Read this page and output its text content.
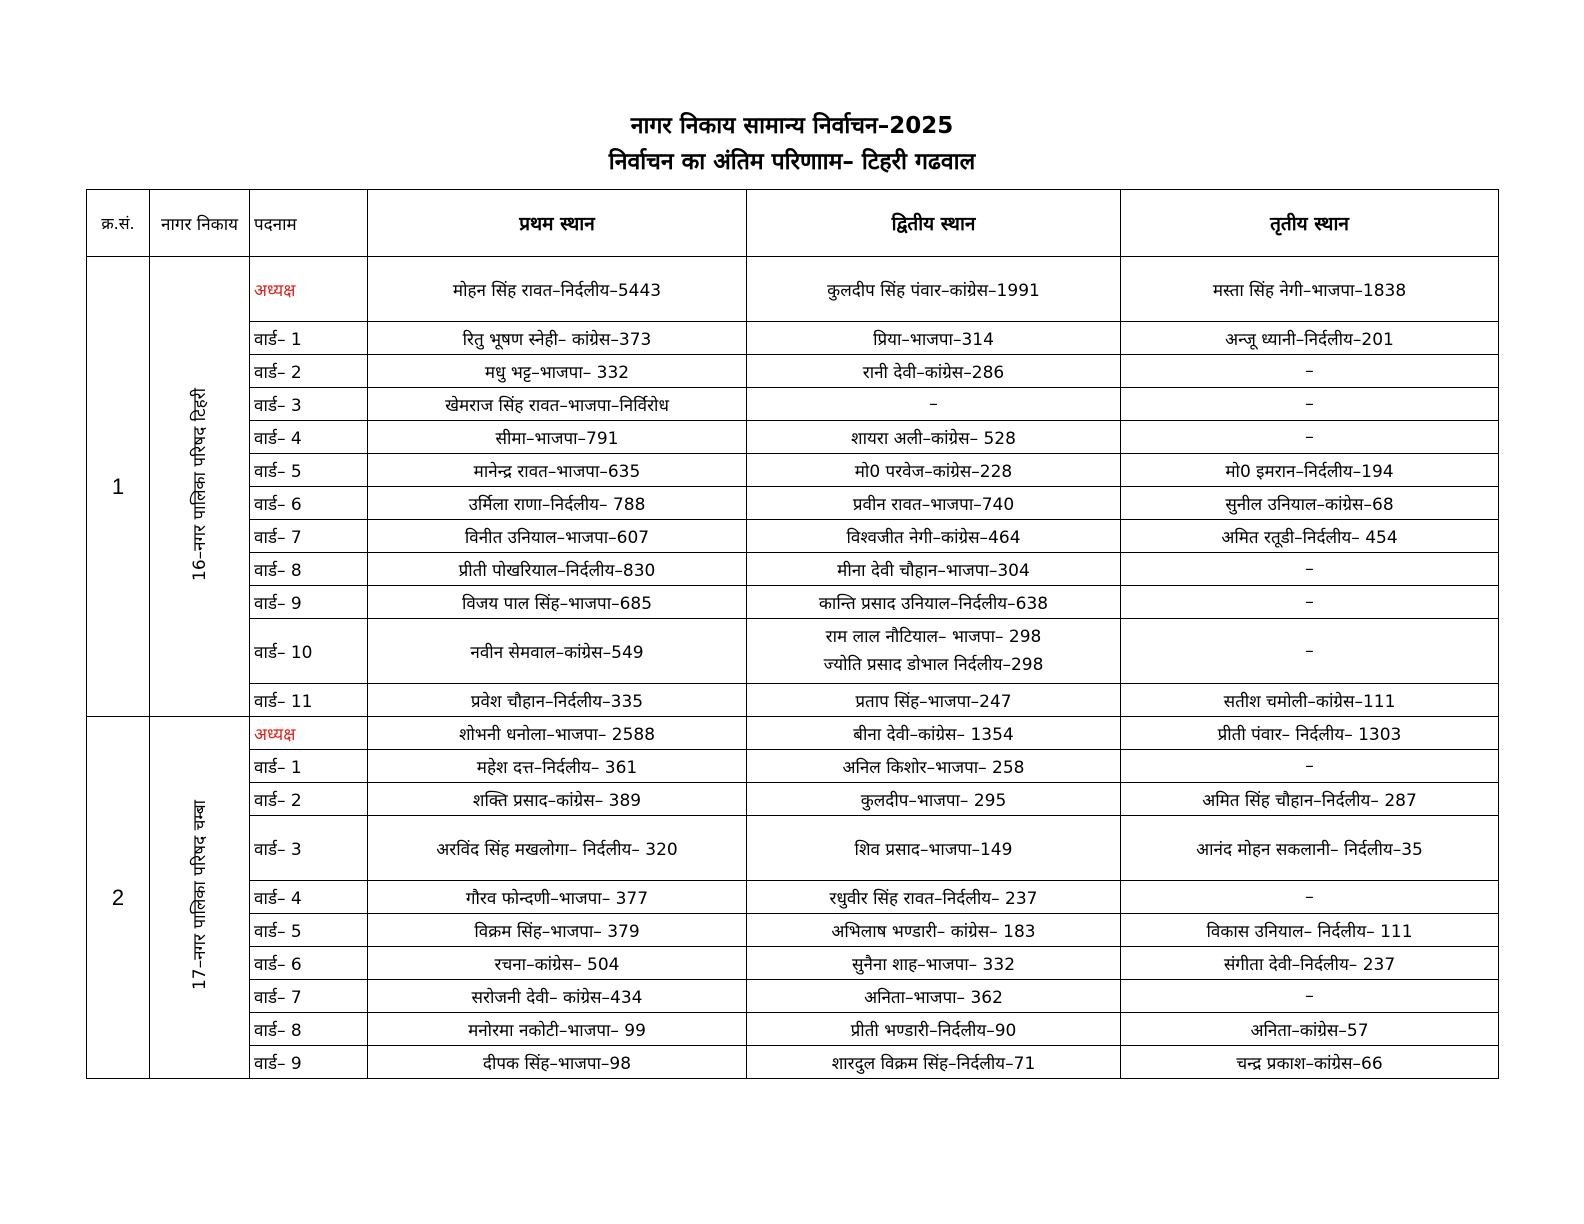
नागर निकाय सामान्य निर्वाचन–2025
निर्वाचन का अंतिम परिणााम– टिहरी गढवाल
क्र.सं.	नागर निकाय	पदनाम	प्रथम स्थान	द्वितीय स्थान	तृतीय स्थान
1	16–नगर पालिका परिषद टिहरी	अध्यक्ष	मोहन सिंह रावत–निर्दलीय–5443	कुलदीप सिंह पंवार–कांग्रेस–1991	मस्ता सिंह नेगी–भाजपा–1838
		वार्ड– 1	रितु भूषण स्नेही– कांग्रेस–373	प्रिया–भाजपा–314	अन्जू ध्यानी–निर्दलीय–201
		वार्ड– 2	मधु भट्ट–भाजपा– 332	रानी देवी–कांग्रेस–286	–
		वार्ड– 3	खेमराज सिंह रावत–भाजपा–निर्विरोध	–	–
		वार्ड– 4	सीमा–भाजपा–791	शायरा अली–कांग्रेस– 528	–
		वार्ड– 5	मानेन्द्र रावत–भाजपा–635	मो0 परवेज–कांग्रेस–228	मो0 इमरान–निर्दलीय–194
		वार्ड– 6	उर्मिला राणा–निर्दलीय– 788	प्रवीन रावत–भाजपा–740	सुनील उनियाल–कांग्रेस–68
		वार्ड– 7	विनीत उनियाल–भाजपा–607	विश्वजीत नेगी–कांग्रेस–464	अमित रतूडी–निर्दलीय– 454
		वार्ड– 8	प्रीती पोखरियाल–निर्दलीय–830	मीना देवी चौहान–भाजपा–304	–
		वार्ड– 9	विजय पाल सिंह–भाजपा–685	कान्ति प्रसाद उनियाल–निर्दलीय–638	–
		वार्ड– 10	नवीन सेमवाल–कांग्रेस–549	राम लाल नौटियाल– भाजपा– 298
ज्योति प्रसाद डोभाल निर्दलीय–298	–
		वार्ड– 11	प्रवेश चौहान–निर्दलीय–335	प्रताप सिंह–भाजपा–247	सतीश चमोली–कांग्रेस–111
2	17–नगर पालिका परिषद चम्बा	अध्यक्ष	शोभनी धनोला–भाजपा– 2588	बीना देवी–कांग्रेस– 1354	प्रीती पंवार– निर्दलीय– 1303
		वार्ड– 1	महेश दत्त–निर्दलीय– 361	अनिल किशोर–भाजपा– 258	–
		वार्ड– 2	शक्ति प्रसाद–कांग्रेस– 389	कुलदीप–भाजपा– 295	अमित सिंह चौहान–निर्दलीय– 287
		वार्ड– 3	अरविंद सिंह मखलोगा– निर्दलीय– 320	शिव प्रसाद–भाजपा–149	आनंद मोहन सकलानी– निर्दलीय–35
		वार्ड– 4	गौरव फोन्दणी–भाजपा– 377	रधुवीर सिंह रावत–निर्दलीय– 237	–
		वार्ड– 5	विक्रम सिंह–भाजपा– 379	अभिलाष भण्डारी– कांग्रेस– 183	विकास उनियाल– निर्दलीय– 111
		वार्ड– 6	रचना–कांग्रेस– 504	सुनैना शाह–भाजपा– 332	संगीता देवी–निर्दलीय– 237
		वार्ड– 7	सरोजनी देवी– कांग्रेस–434	अनिता–भाजपा– 362	–
		वार्ड– 8	मनोरमा नकोटी–भाजपा– 99	प्रीती भण्डारी–निर्दलीय–90	अनिता–कांग्रेस–57
		वार्ड– 9	दीपक सिंह–भाजपा–98	शारदुल विक्रम सिंह–निर्दलीय–71	चन्द्र प्रकाश–कांग्रेस–66
